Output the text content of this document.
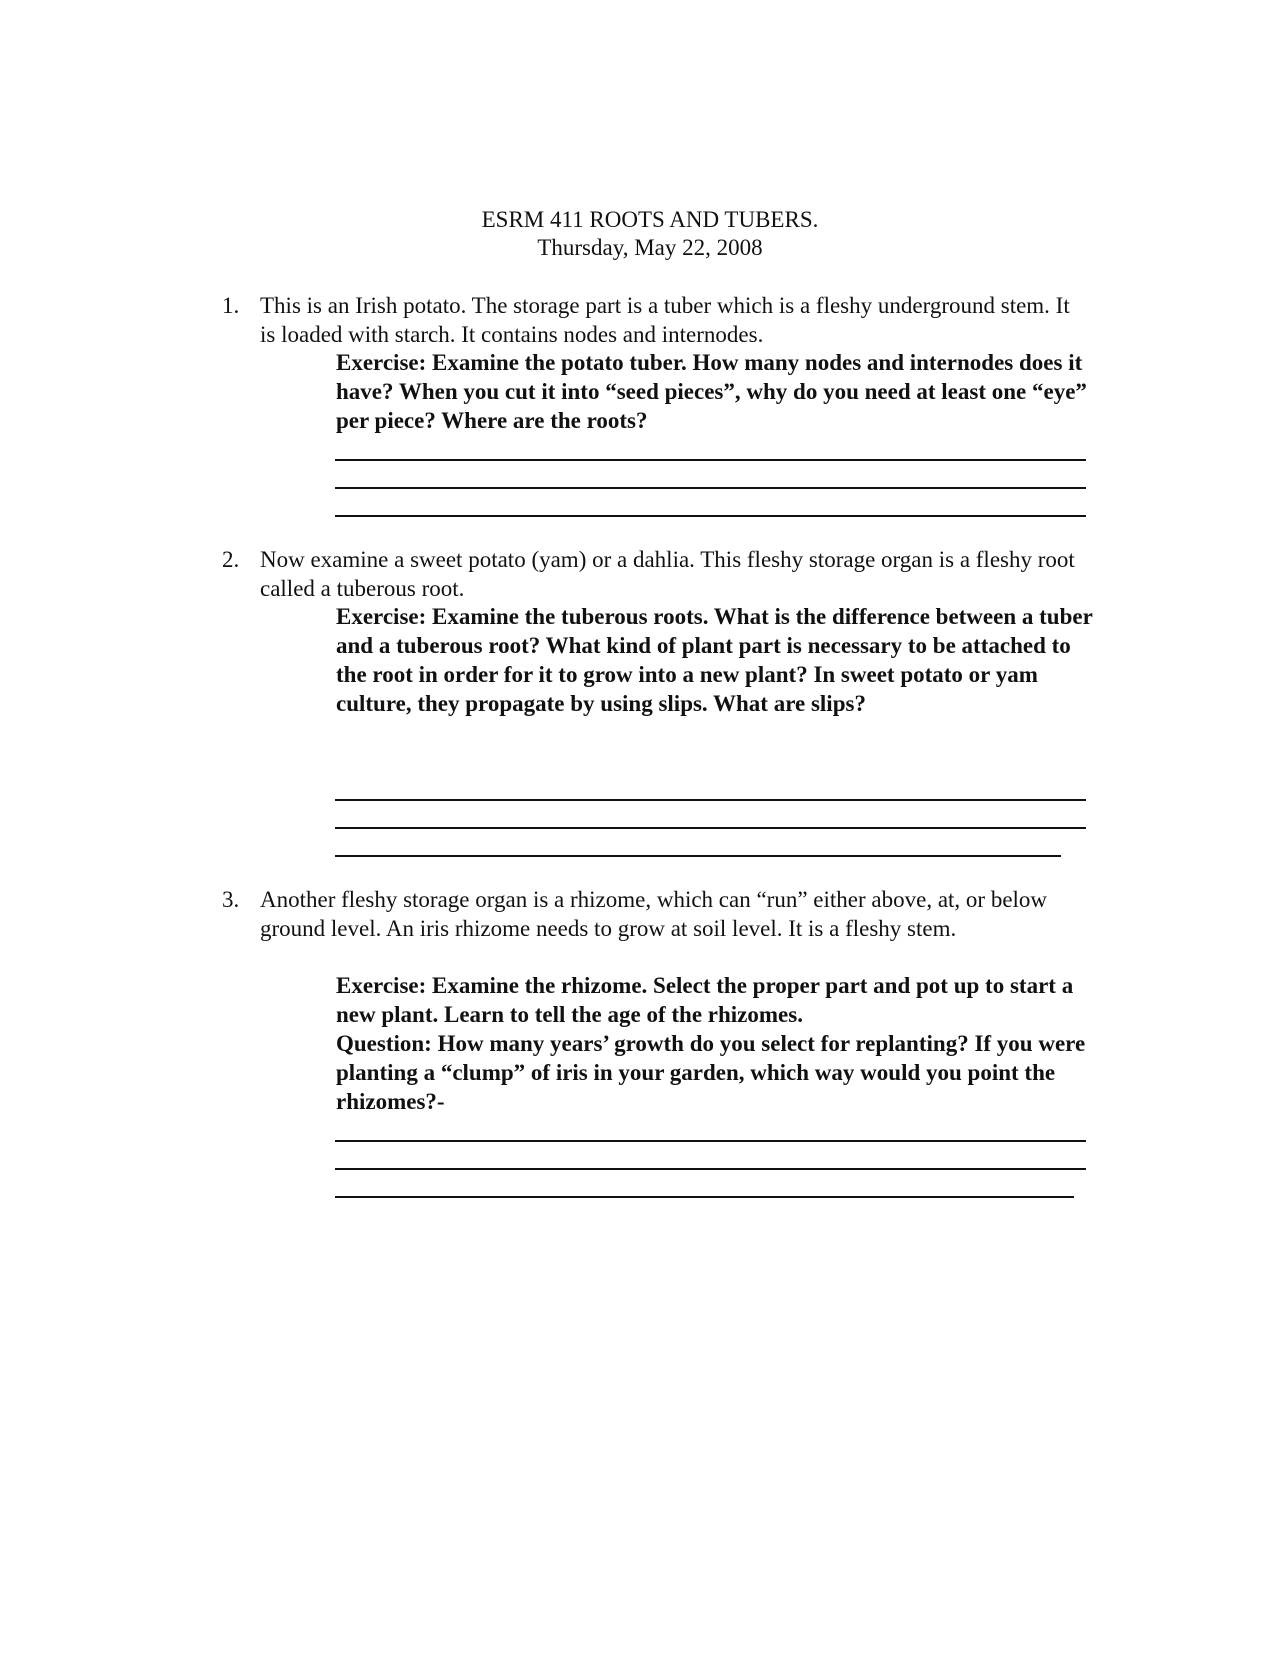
ESRM 411 ROOTS AND TUBERS.
Thursday, May 22, 2008
1. This is an Irish potato. The storage part is a tuber which is a fleshy underground stem. It is loaded with starch. It contains nodes and internodes.
Exercise: Examine the potato tuber. How many nodes and internodes does it have? When you cut it into “seed pieces”, why do you need at least one “eye” per piece? Where are the roots?
2. Now examine a sweet potato (yam) or a dahlia. This fleshy storage organ is a fleshy root called a tuberous root.
Exercise: Examine the tuberous roots. What is the difference between a tuber and a tuberous root? What kind of plant part is necessary to be attached to the root in order for it to grow into a new plant? In sweet potato or yam culture, they propagate by using slips. What are slips?
3. Another fleshy storage organ is a rhizome, which can “run” either above, at, or below ground level. An iris rhizome needs to grow at soil level. It is a fleshy stem.
Exercise: Examine the rhizome. Select the proper part and pot up to start a new plant. Learn to tell the age of the rhizomes.
Question: How many years’ growth do you select for replanting? If you were planting a “clump” of iris in your garden, which way would you point the rhizomes?-
